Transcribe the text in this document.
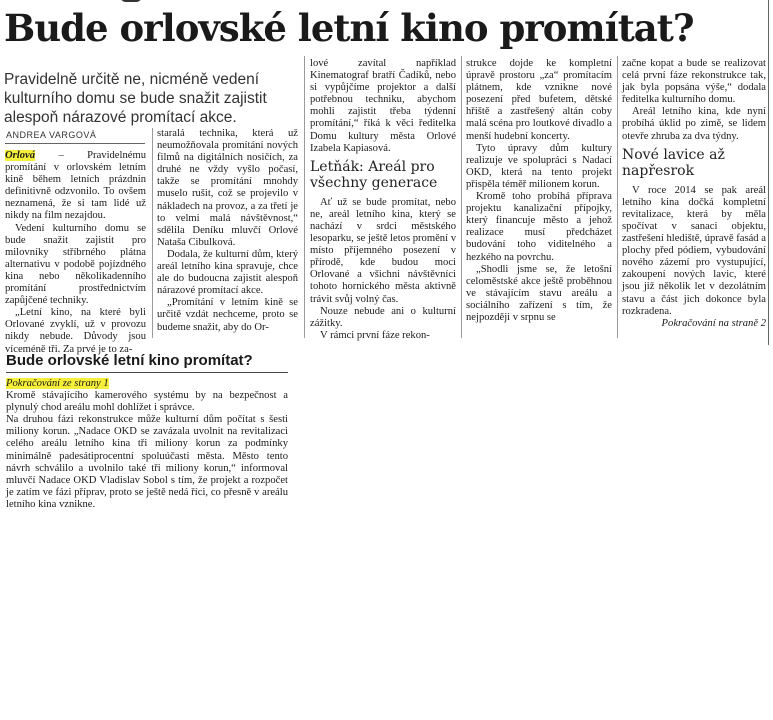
Bude orlovské letní kino promítat?
Pravidelně určitě ne, nicméně vedení kulturního domu se bude snažit zajistit alespoň nárazové promítací akce.
ANDREA VARGOVÁ

Orlová – Pravidelnému promítání v orlovském letním kině během letních prázdnin definitivně odzvonilo. To ovšem neznamená, že si tam lidé už nikdy na film nezajdou.

Vedení kulturního domu se bude snažit zajistit pro milovníky stříbrného plátna alternativu v podobě pojízdného kina nebo několikadenního promítání prostřednictvím zapůjčené techniky.

„Letní kino, na které byli Orlované zvyklí, už v provozu nikdy nebude. Důvody jsou víceméně tři. Za prvé je to za-

staralá technika, která už neumožňovala promítání nových filmů na digitálních nosičích, za druhé ne vždy vyšlo počasí, takže se promítání mnohdy muselo rušit, což se projevilo v nákladech na provoz, a za třetí je to velmi malá návštěvnost,“ sdělila Deníku mluvčí Orlové Nataša Cibulková.

Dodala, že kulturní dům, který areál letního kina spravuje, chce ale do budoucna zajistit alespoň nárazové promítací akce.

„Promítání v letním kině se určitě vzdát nechceme, proto se budeme snažit, aby do Or-

lové zavítal například Kinematograf bratří Čadíků, nebo si vypůjčíme projektor a další potřebnou techniku, abychom mohli zajistit třeba týdenní promítání,“ říká k věci ředitelka Domu kultury města Orlové Izabela Kapiasová.

Letňák: Areál pro všechny generace

Ať už se bude promítat, nebo ne, areál letního kina, který se nachází v srdci městského lesoparku, se ještě letos promění v místo příjemného posezení v přírodě, kde budou moci Orlované a všichni návštěvníci tohoto hornického města aktivně trávit svůj volný čas.

Nouze nebude ani o kulturní zážitky.

V rámci první fáze rekon-

strukce dojde ke kompletní úpravě prostoru „za“ promítacím plátnem, kde vznikne nové posezení před bufetem, dětské hřiště a zastřešený altán coby malá scéna pro loutkové divadlo a menší hudební koncerty.

Tyto úpravy dům kultury realizuje ve spolupráci s Nadací OKD, která na tento projekt přispěla téměř milionem korun.

Kromě toho probíhá příprava projektu kanalizační přípojky, který financuje město a jehož realizace musí předcházet budování toho viditelného a hezkého na povrchu.

„Shodli jsme se, že letošní celoměstské akce ještě proběhnou ve stávajícím stavu areálu a sociálního zařízení s tím, že nejpozději v srpnu se

začne kopat a bude se realizovat celá první fáze rekonstrukce tak, jak byla popsána výše,“ dodala ředitelka kulturního domu.

Areál letního kina, kde nyní probíhá úklid po zimě, se lidem otevře zhruba za dva týdny.

Nové lavice až napřesrok

V roce 2014 se pak areál letního kina dočká kompletní revitalizace, která by měla spočívat v sanaci objektu, zastřešení hlediště, úpravě fasád a plochy před pódiem, vybudování nového zázemí pro vystupující, zakoupení nových lavic, které jsou již několik let v dezolátním stavu a část jich dokonce byla rozkradena.

Pokračování na straně 2
Bude orlovské letní kino promítat?

Pokračování ze strany 1

Kromě stávajícího kamerového systému by na bezpečnost a plynulý chod areálu mohl dohlížet i správce.

Na druhou fázi rekonstrukce může kulturní dům počítat s šesti miliony korun. „Nadace OKD se zavázala uvolnit na revitalizaci celého areálu letního kina tři miliony korun za podmínky minimálně padesátiprocentní spoluúčasti města. Město tento návrh schválilo a uvolnilo také tři miliony korun,“ informoval mluvčí Nadace OKD Vladislav Sobol s tím, že projekt a rozpočet je zatím ve fázi příprav, proto se ještě nedá říci, co přesně v areálu letního kina vznikne.
